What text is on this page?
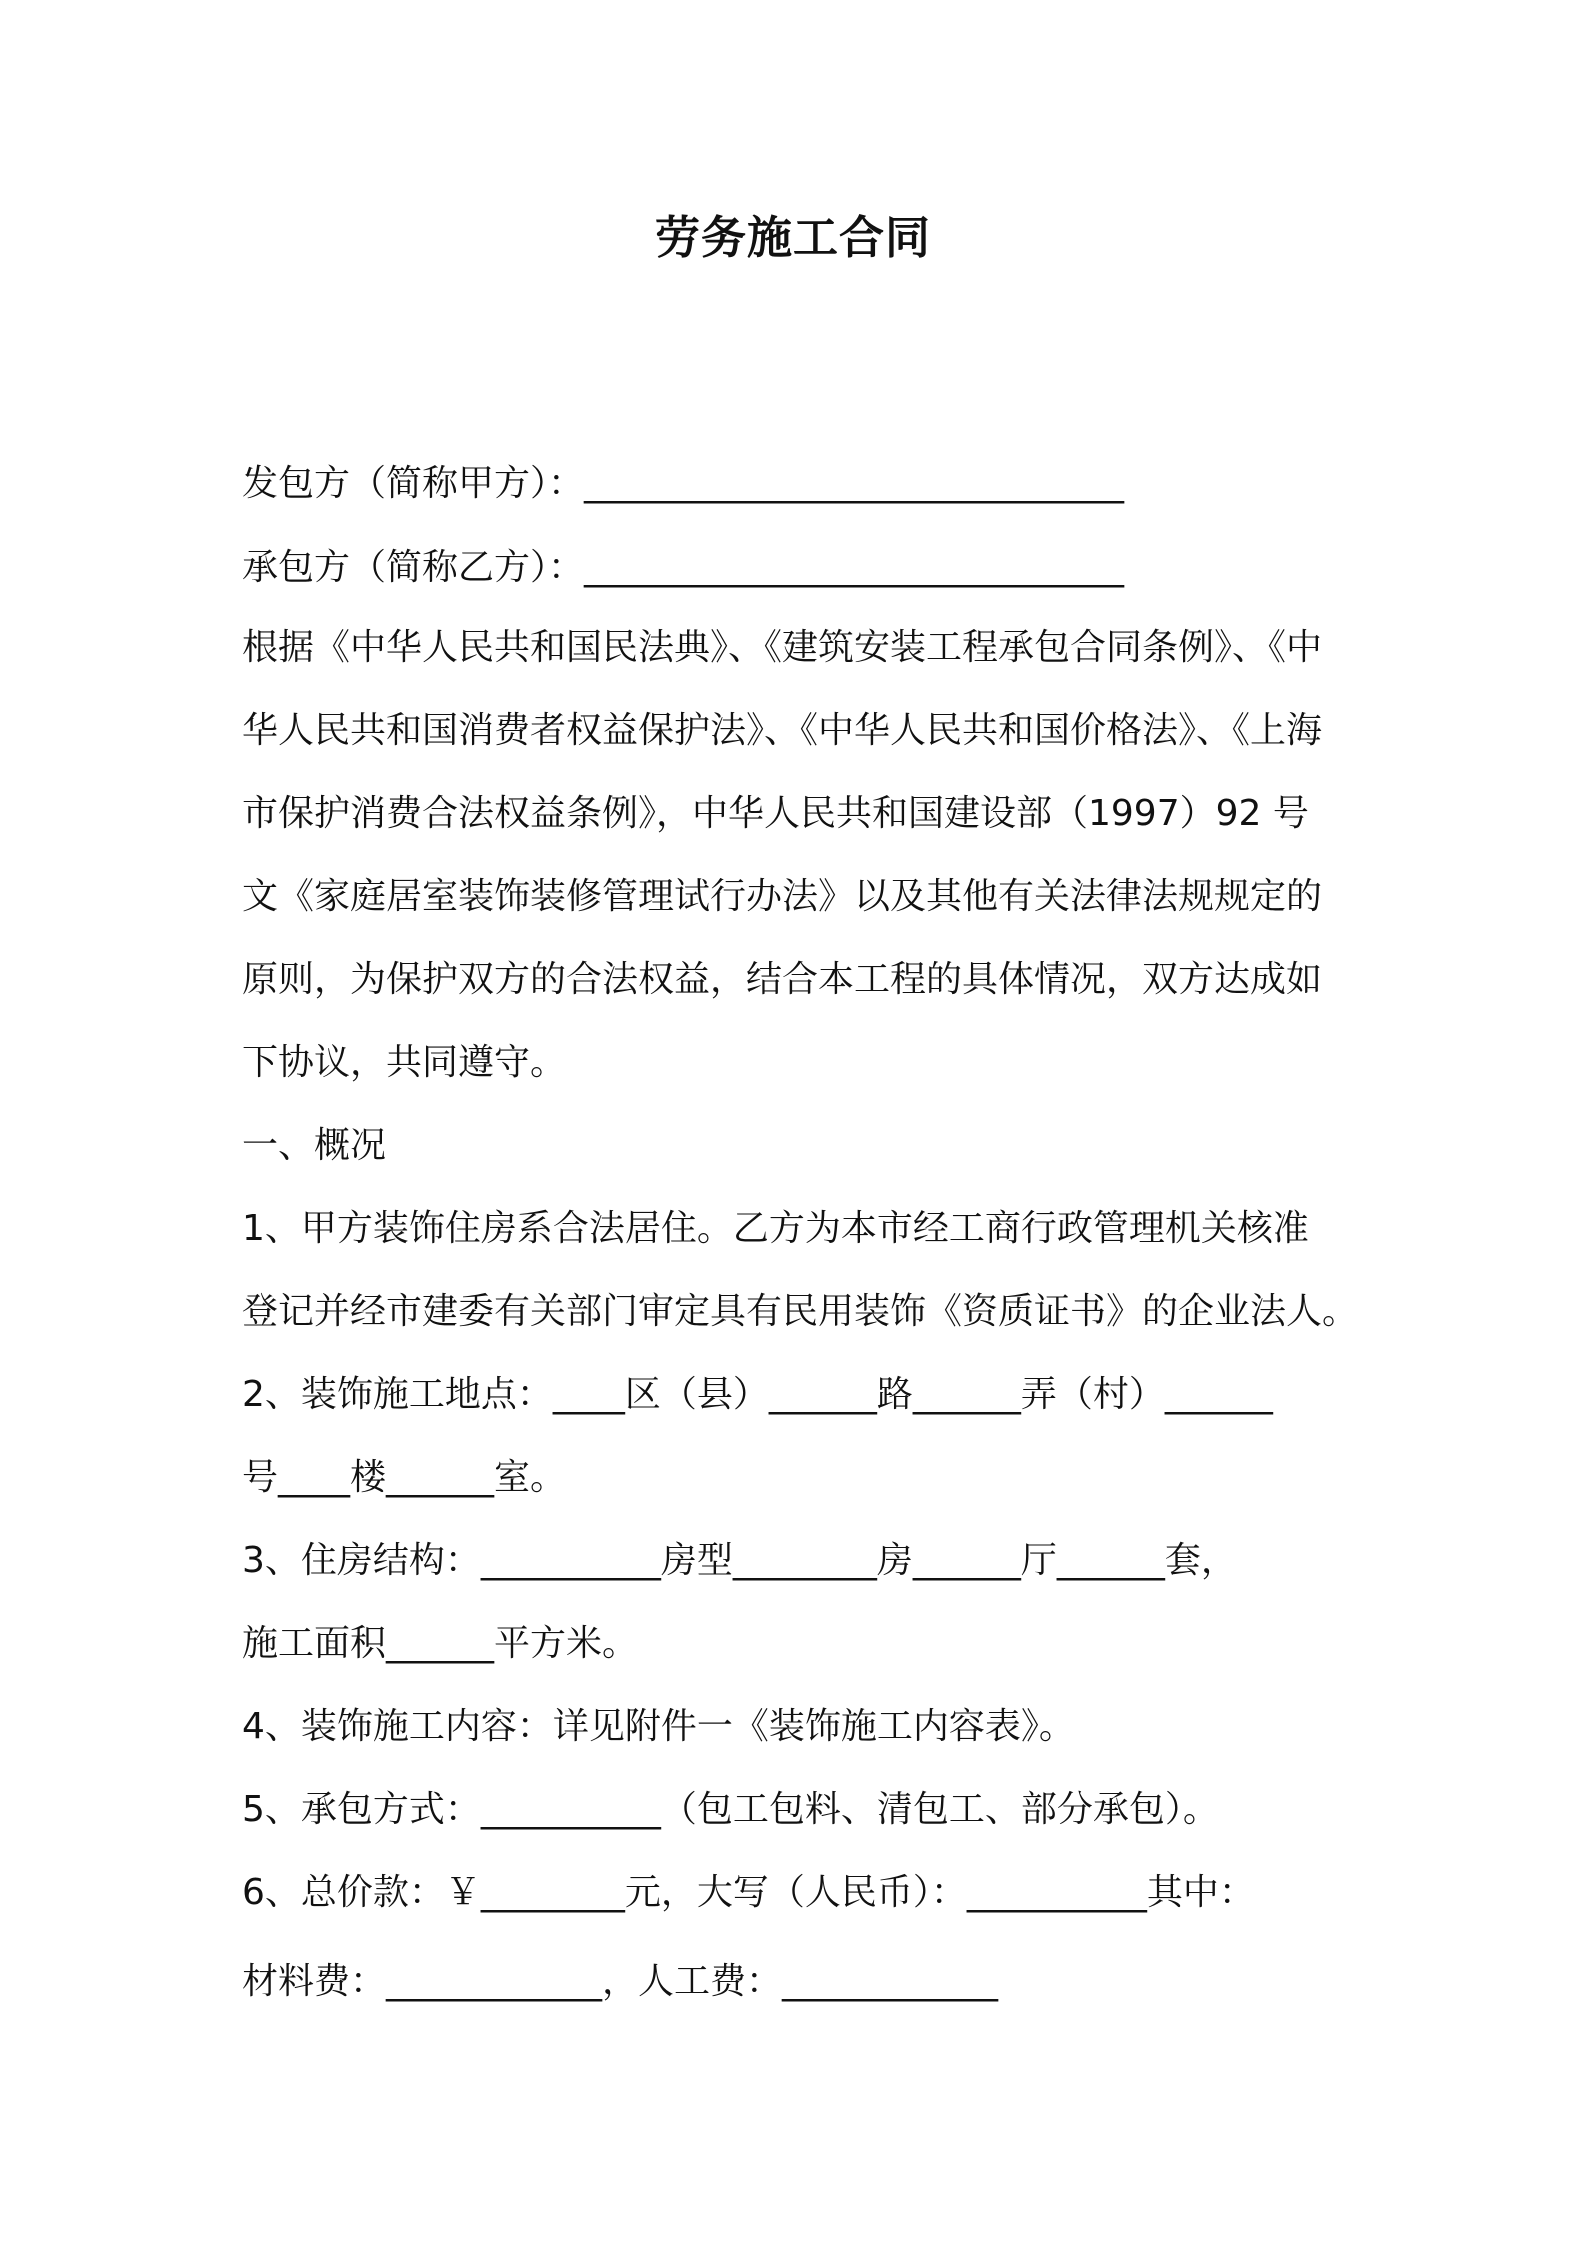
劳务施工合同
发包方（简称甲方）：______________________________
承包方（简称乙方）：______________________________
根据《中华人民共和国民法典》、《建筑安装工程承包合同条例》、《中
华人民共和国消费者权益保护法》、《中华人民共和国价格法》、《上海
市保护消费合法权益条例》，中华人民共和国建设部（1997）92 号
文《家庭居室装饰装修管理试行办法》以及其他有关法律法规规定的
原则，为保护双方的合法权益，结合本工程的具体情况，双方达成如
下协议，共同遵守。
一、概况
1、甲方装饰住房系合法居住。乙方为本市经工商行政管理机关核准
登记并经市建委有关部门审定具有民用装饰《资质证书》的企业法人。
2、装饰施工地点：____区（县）______路______弄（村）______
号____楼______室。
3、住房结构：__________房型________房______厅______套，
施工面积______平方米。
4、装饰施工内容：详见附件一《装饰施工内容表》。
5、承包方式：__________（包工包料、清包工、部分承包）。
6、总价款：￥________元，大写（人民币）：__________其中：
材料费：____________，人工费：____________
